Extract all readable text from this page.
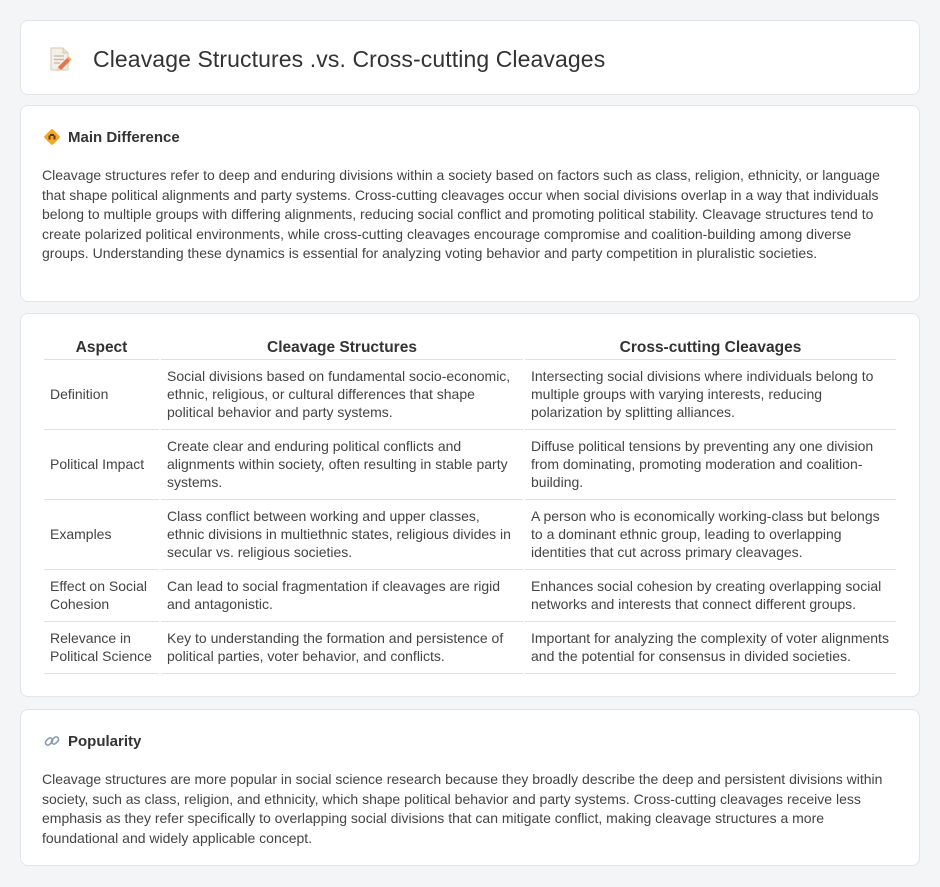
Cleavage Structures .vs. Cross-cutting Cleavages
Main Difference

Cleavage structures refer to deep and enduring divisions within a society based on factors such as class, religion, ethnicity, or language that shape political alignments and party systems. Cross-cutting cleavages occur when social divisions overlap in a way that individuals belong to multiple groups with differing alignments, reducing social conflict and promoting political stability. Cleavage structures tend to create polarized political environments, while cross-cutting cleavages encourage compromise and coalition-building among diverse groups. Understanding these dynamics is essential for analyzing voting behavior and party competition in pluralistic societies.

Aspect	Cleavage Structures	Cross-cutting Cleavages
Definition	Social divisions based on fundamental socio-economic, ethnic, religious, or cultural differences that shape political behavior and party systems.	Intersecting social divisions where individuals belong to multiple groups with varying interests, reducing polarization by splitting alliances.
Political Impact	Create clear and enduring political conflicts and alignments within society, often resulting in stable party systems.	Diffuse political tensions by preventing any one division from dominating, promoting moderation and coalition-building.
Examples	Class conflict between working and upper classes, ethnic divisions in multiethnic states, religious divides in secular vs. religious societies.	A person who is economically working-class but belongs to a dominant ethnic group, leading to overlapping identities that cut across primary cleavages.
Effect on Social Cohesion	Can lead to social fragmentation if cleavages are rigid and antagonistic.	Enhances social cohesion by creating overlapping social networks and interests that connect different groups.
Relevance in Political Science	Key to understanding the formation and persistence of political parties, voter behavior, and conflicts.	Important for analyzing the complexity of voter alignments and the potential for consensus in divided societies.
Popularity

Cleavage structures are more popular in social science research because they broadly describe the deep and persistent divisions within society, such as class, religion, and ethnicity, which shape political behavior and party systems. Cross-cutting cleavages receive less emphasis as they refer specifically to overlapping social divisions that can mitigate conflict, making cleavage structures a more foundational and widely applicable concept.
